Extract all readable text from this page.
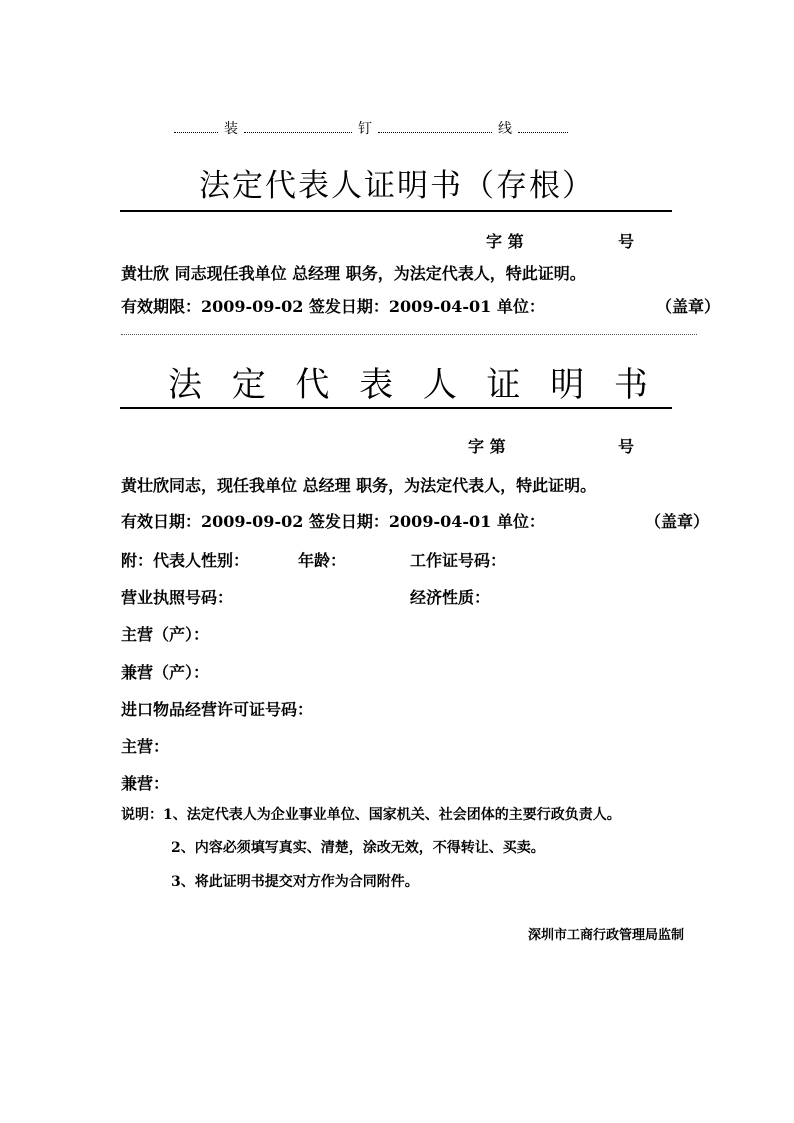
装	钉	线
法定代表人证明书（存根）
字 第	号
黄壮欣 同志现任我单位 总经理 职务，为法定代表人，特此证明。
有效期限：2009-09-02 签发日期：2009-04-01 单位：	（盖章）
法 定 代 表 人 证 明 书
字 第	号
黄壮欣同志，现任我单位 总经理 职务，为法定代表人，特此证明。
有效日期：2009-09-02 签发日期：2009-04-01 单位：	（盖章）
附：代表人性别：	年龄：	工作证号码：
营业执照号码：	经济性质：
主营（产）：
兼营（产）：
进口物品经营许可证号码：
主营：
兼营：
说明：1、法定代表人为企业事业单位、国家机关、社会团体的主要行政负责人。
2、内容必须填写真实、清楚，涂改无效，不得转让、买卖。
3、将此证明书提交对方作为合同附件。
深圳市工商行政管理局监制
